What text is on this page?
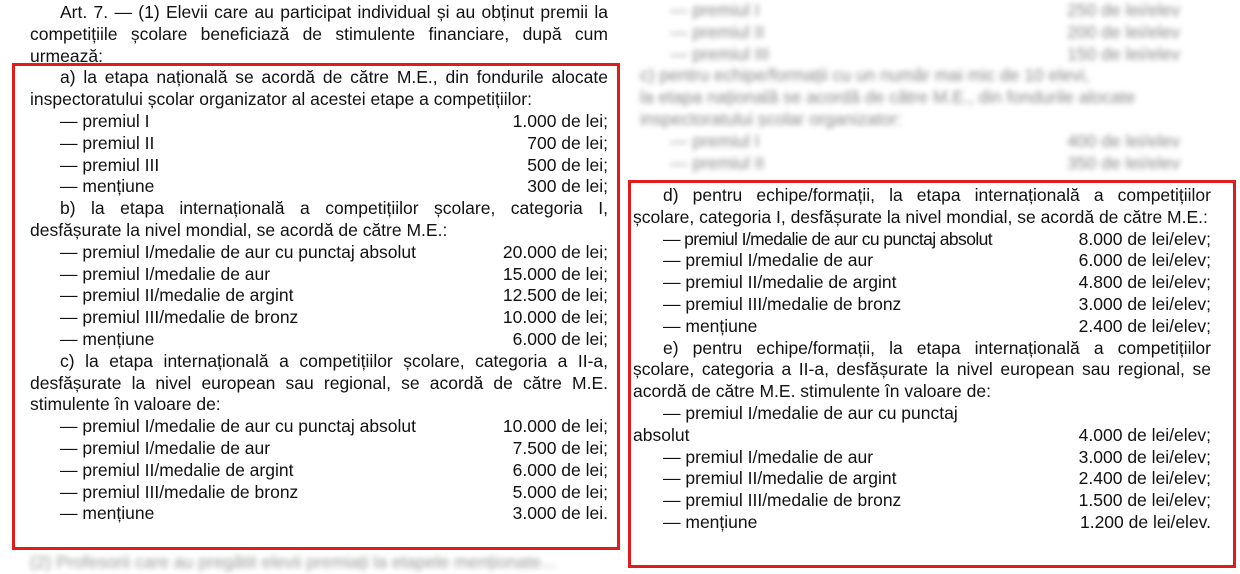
— premiul I	250 de lei/elev
— premiul II	200 de lei/elev
— premiul III	150 de lei/elev
c) pentru echipe/formații cu un număr mai mic de 10 elevi,
la etapa națională se acordă de către M.E., din fondurile alocate
inspectoratului școlar organizator:
— premiul I	400 de lei/elev
— premiul II	350 de lei/elev
(2) Profesorii care au pregătit elevii premiați la etapele menționate...
Art. 7. — (1) Elevii care au participat individual și au obținut premii la competițiile școlare beneficiază de stimulente financiare, după cum urmează:
a) la etapa națională se acordă de către M.E., din fondurile alocate inspectoratului școlar organizator al acestei etape a competițiilor:
— premiul I	1.000 de lei;
— premiul II	700 de lei;
— premiul III	500 de lei;
— mențiune	300 de lei;
b) la etapa internațională a competițiilor școlare, categoria I, desfășurate la nivel mondial, se acordă de către M.E.:
— premiul I/medalie de aur cu punctaj absolut	20.000 de lei;
— premiul I/medalie de aur	15.000 de lei;
— premiul II/medalie de argint	12.500 de lei;
— premiul III/medalie de bronz	10.000 de lei;
— mențiune	6.000 de lei;
c) la etapa internațională a competițiilor școlare, categoria a II-a, desfășurate la nivel european sau regional, se acordă de către M.E. stimulente în valoare de:
— premiul I/medalie de aur cu punctaj absolut	10.000 de lei;
— premiul I/medalie de aur	7.500 de lei;
— premiul II/medalie de argint	6.000 de lei;
— premiul III/medalie de bronz	5.000 de lei;
— mențiune	3.000 de lei.
d) pentru echipe/formații, la etapa internațională a competițiilor școlare, categoria I, desfășurate la nivel mondial, se acordă de către M.E.:
— premiul I/medalie de aur cu punctaj absolut	8.000 de lei/elev;
— premiul I/medalie de aur	6.000 de lei/elev;
— premiul II/medalie de argint	4.800 de lei/elev;
— premiul III/medalie de bronz	3.000 de lei/elev;
— mențiune	2.400 de lei/elev;
e) pentru echipe/formații, la etapa internațională a competițiilor școlare, categoria a II-a, desfășurate la nivel european sau regional, se acordă de către M.E. stimulente în valoare de:
— premiul I/medalie de aur cu punctaj
absolut	4.000 de lei/elev;
— premiul I/medalie de aur	3.000 de lei/elev;
— premiul II/medalie de argint	2.400 de lei/elev;
— premiul III/medalie de bronz	1.500 de lei/elev;
— mențiune	1.200 de lei/elev.
